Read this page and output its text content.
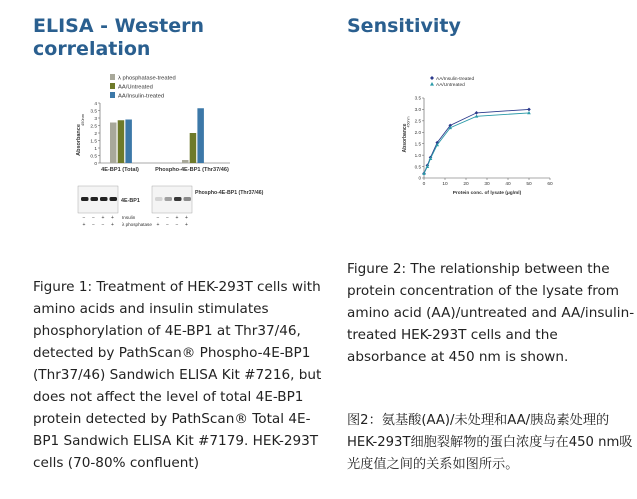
ELISA - Western correlation
Sensitivity
λ phosphatase-treated
AA/Untreated
AA/Insulin-treated
0
0.5
1
1.5
2
2.5
3
3.5
4
Absorbance
450nm
4E-BP1 (Total)	Phospho-4E-BP1 (Thr37/46)
4E-BP1
Phospho-4E-BP1 (Thr37/46)
− − + +	− − + +
Insulin
+ − − +	+ − − +
λ phosphatase
AA/Insulin-treated
AA/Untreated
0	10	20	30	40	50	60
0
0.5
1.0
1.5
2.0
2.5
3.0
3.5
Protein conc. of lysate (μg/ml)
Absorbance
450nm
Figure 1: Treatment of HEK-293T cells with amino acids and insulin stimulates phosphorylation of 4E-BP1 at Thr37/46, detected by PathScan® Phospho-4E-BP1 (Thr37/46) Sandwich ELISA Kit #7216, but does not affect the level of total 4E-BP1 protein detected by PathScan® Total 4E-BP1 Sandwich ELISA Kit #7179. HEK-293T cells (70-80% confluent)
Figure 2: The relationship between the protein concentration of the lysate from amino acid (AA)/untreated and AA/insulin-treated HEK-293T cells and the absorbance at 450 nm is shown.
图2：氨基酸(AA)/未处理和AA/胰岛素处理的HEK-293T细胞裂解物的蛋白浓度与在450 nm吸光度值之间的关系如图所示。
